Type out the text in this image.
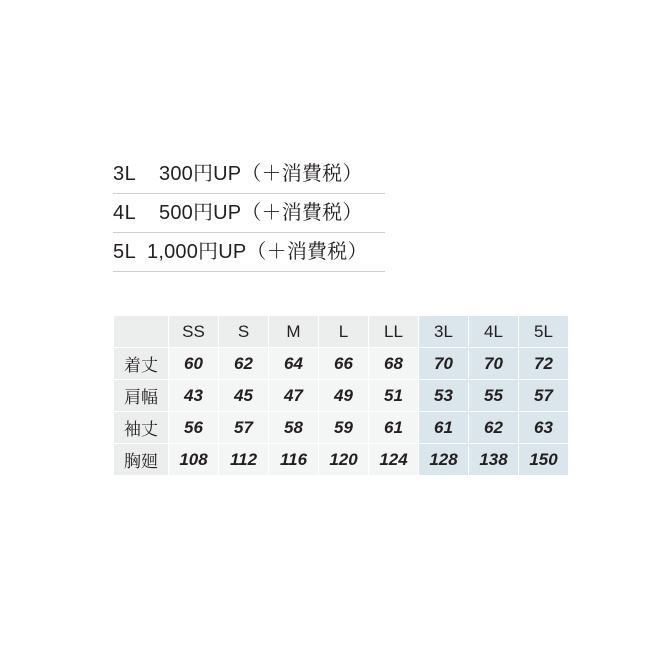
3L	300円UP（＋消費税）
4L	500円UP（＋消費税）
5L 1,000円UP（＋消費税）
	SS	S	M	L	LL	3L	4L	5L
着丈	60	62	64	66	68	70	70	72
肩幅	43	45	47	49	51	53	55	57
袖丈	56	57	58	59	61	61	62	63
胸廻	108	112	116	120	124	128	138	150
